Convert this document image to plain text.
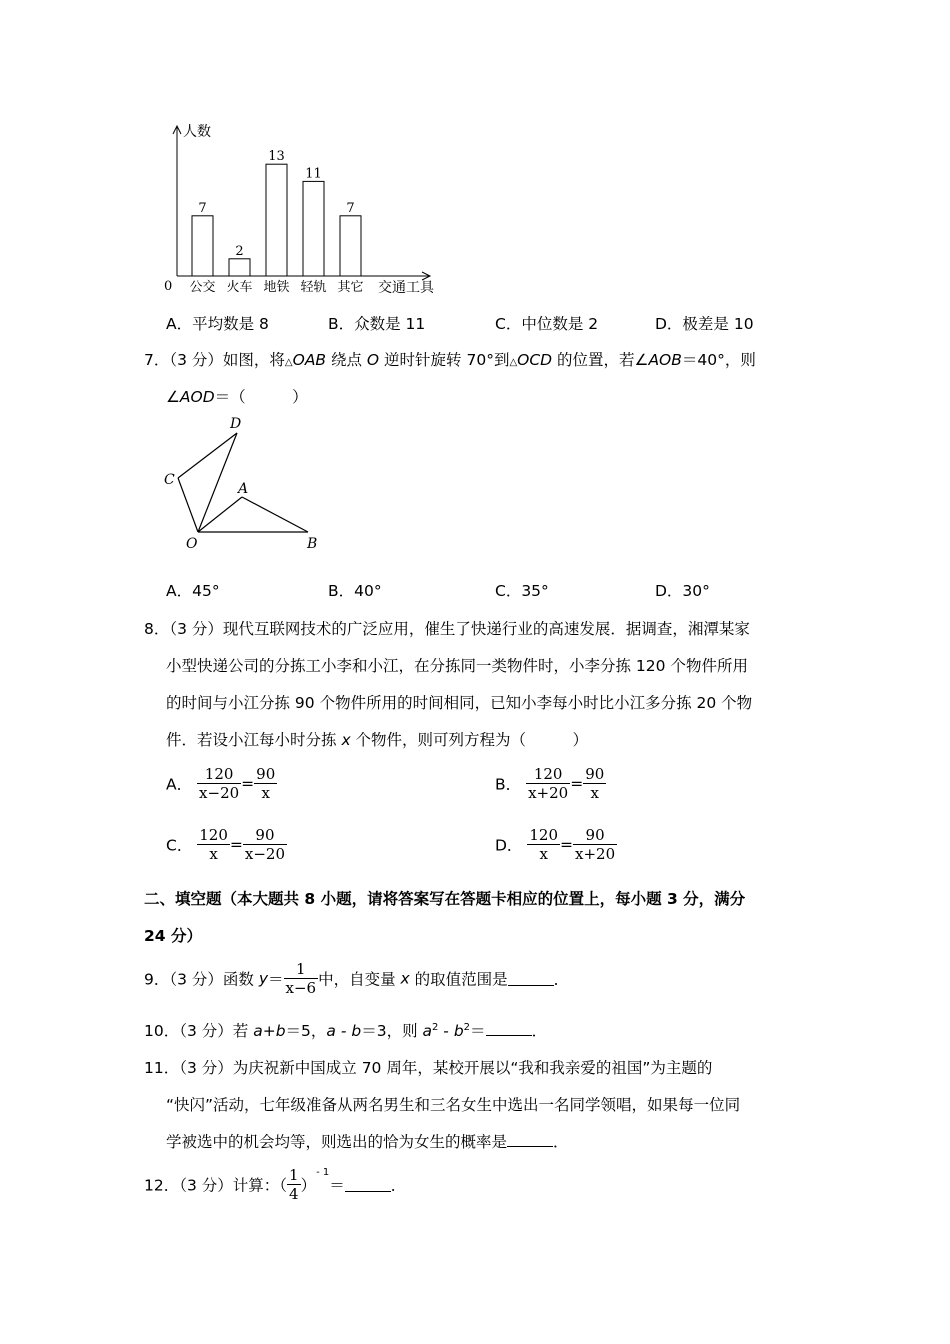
人数
0	交通工具
7
公交
2
火车
13
地铁
11
轻轨
7
其它
A．平均数是 8	B．众数是 11	C．中位数是 2	D．极差是 10
7．（3 分）如图，将△OAB 绕点 O 逆时针旋转 70°到△OCD 的位置，若∠AOB＝40°，则
∠AOD＝（　　　）
D
C
A
O	B
A．45°	B．40°	C．35°	D．30°
8．（3 分）现代互联网技术的广泛应用，催生了快递行业的高速发展．据调查，湘潭某家
小型快递公司的分拣工小李和小江，在分拣同一类物件时，小李分拣 120 个物件所用
的时间与小江分拣 90 个物件所用的时间相同，已知小李每小时比小江多分拣 20 个物
件．若设小江每小时分拣 x 个物件，则可列方程为（　　　）
A． $\frac{120}{x-20} = \frac{90}{x}$	B． $\frac{120}{x+20} = \frac{90}{x}$
C． $\frac{120}{x} = \frac{90}{x-20}$	D． $\frac{120}{x} = \frac{90}{x+20}$
二、填空题（本大题共 8 小题，请将答案写在答题卡相应的位置上，每小题 3 分，满分
24 分）
9．（3 分）函数 $y= \frac{1}{x-6}$ 中，自变量 x 的取值范围是	．
10．（3 分）若 a+b＝5，a - b＝3，则 $a^2 - b^2=$	．
11．（3 分）为庆祝新中国成立 70 周年，某校开展以“我和我亲爱的祖国”为主题的
“快闪”活动，七年级准备从两名男生和三名女生中选出一名同学领唱，如果每一位同
学被选中的机会均等，则选出的恰为女生的概率是	．
12．（3 分）计算：（ $\frac{1}{4} )^{- 1}=$	．
